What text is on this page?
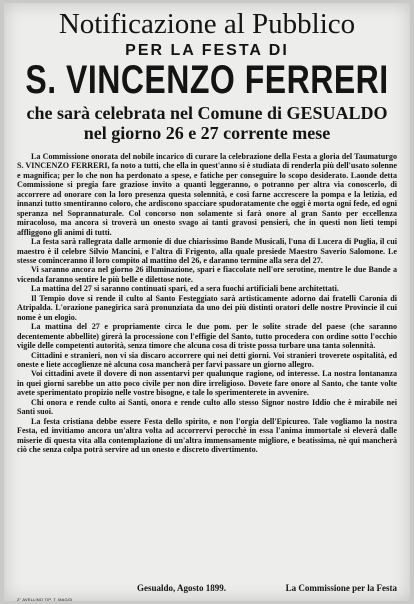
Notificazione al Pubblico
PER LA FESTA DI
S. VINCENZO FERRERI
che sarà celebrata nel Comune di GESUALDO
nel giorno 26 e 27 corrente mese

La Commissione onorata del nobile incarico di curare la celebrazione della Festa a gloria del Taumaturgo S. VINCENZO FERRERI, fa noto a tutti, che ella in quest'anno si è studiata di renderla più dell'usato solenne e magnifica; per lo che non ha perdonato a spese, e fatiche per conseguire lo scopo desiderato. Laonde detta Commissione si pregia fare graziose invito a quanti leggeranno, o potranno per altra via conoscerlo, di accorrere ad onorare con la loro presenza questa solennità, e così farne accrescere la pompa e la letizia, ed innanzi tutto smentiranno coloro, che ardiscono spacciare spudoratamente che oggi è morta ogni fede, ed ogni speranza nel Soprannaturale. Col concorso non solamente si farà onore al gran Santo per eccellenza miracoloso, ma ancora si troverà un onesto svago ai tanti gravosi pensieri, che in questi non lieti tempi affliggono gli animi di tutti.

La festa sarà rallegrata dalle armonie di due chiarissimo Bande Musicali, l'una di Lucera di Puglia, il cui maestro è il celebre Silvio Mancini, e l'altra di Frigento, alla quale presiede Maestro Saverio Salomone. Le stesse cominceranno il loro compito al mattino del 26, e daranno termine alla sera del 27.

Vi saranno ancora nel giorno 26 illuminazione, spari e fiaccolate nell'ore serotine, mentre le due Bande a vicenda faranno sentire le più belle e dilettose note.

La mattina del 27 si saranno continuati spari, ed a sera fuochi artificiali bene architettati.

Il Tempio dove si rende il culto al Santo Festeggiato sarà artisticamente adorno dai fratelli Caronia di Atripalda. L'orazione panegirica sarà pronunziata da uno dei più distinti oratori delle nostre Provincie il cui nome è un elogio.

La mattina del 27 e propriamente circa le due pom. per le solite strade del paese (che saranno decentemente abbellite) girerà la processione con l'effigie del Santo, tutto procedera con ordine sotto l'occhio vigile delle competenti autorità, senza timore che alcuna cosa di triste possa turbare una tanta solennità.

Cittadini e stranieri, non vi sia discaro accorrere qui nei detti giorni. Voi stranieri troverete ospitalità, ed oneste e liete accoglienze nè alcuna cosa mancherà per farvi passare un giorno allegro.

Voi cittadini avete il dovere di non assentarvi per qualunque ragione, od interesse. La nostra lontananza in quei giorni sarebbe un atto poco civile per non dire irreligioso. Dovete fare onore al Santo, che tante volte avete sperimentato propizio nelle vostre bisogne, e tale lo sperimenterete in avvenire.

Chi onora e rende culto ai Santi, onora e rende culto allo stesso Signor nostro Iddio che è mirabile nei Santi suoi.

La festa cristiana debbe essere Festa dello spirito, e non l'orgia dell'Epicureo. Tale vogliamo la nostra Festa, ed invitiamo ancora un'altra volta ad accorrervi perocchè in essa l'anima immortale si eleverà dalle miserie di questa vita alla contemplazione di un'altra immensamente migliore, e beatissima, nè qui mancherà ciò che senza colpa potrà servire ad un onesto e discreto divertimento.

Gesualdo, Agosto 1899.	La Commissione per la Festa
2° AVELLINO TIP. T. MAGGI
